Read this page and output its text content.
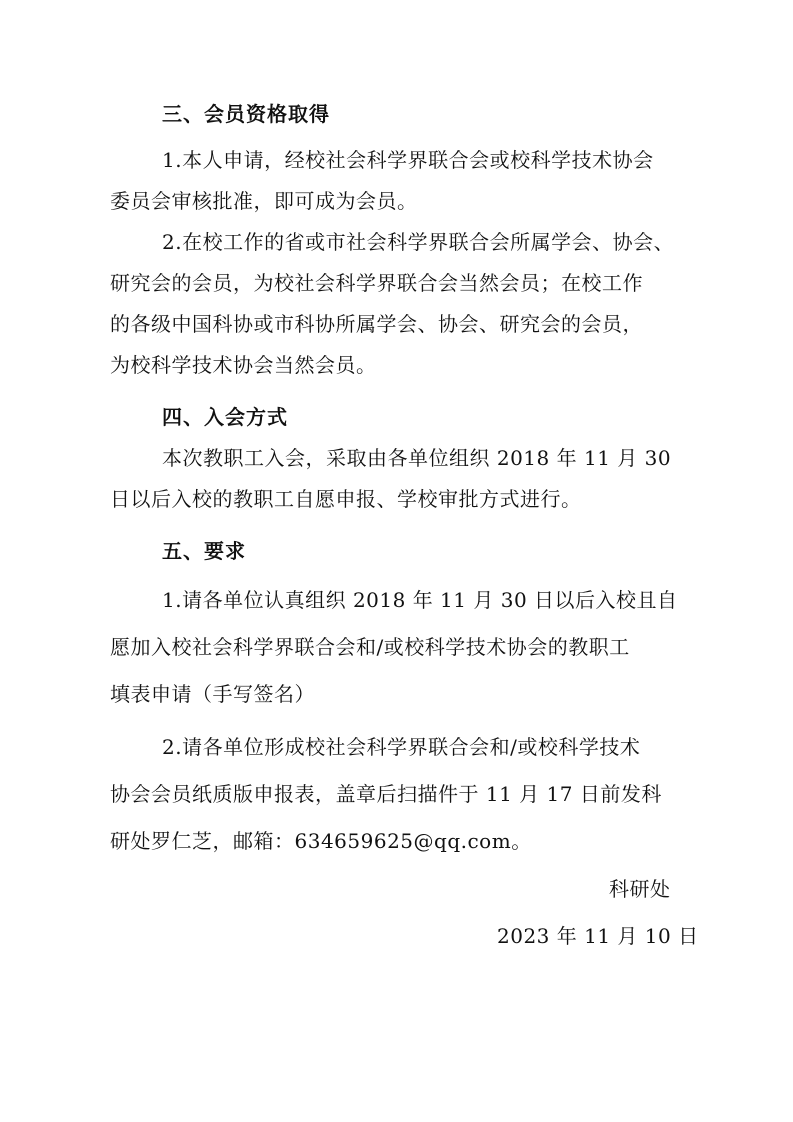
三、会员资格取得
1.本人申请，经校社会科学界联合会或校科学技术协会
委员会审核批准，即可成为会员。
2.在校工作的省或市社会科学界联合会所属学会、协会、
研究会的会员，为校社会科学界联合会当然会员；在校工作
的各级中国科协或市科协所属学会、协会、研究会的会员，
为校科学技术协会当然会员。
四、入会方式
本次教职工入会，采取由各单位组织 2018 年 11 月 30
日以后入校的教职工自愿申报、学校审批方式进行。
五、要求
1.请各单位认真组织 2018 年 11 月 30 日以后入校且自
愿加入校社会科学界联合会和/或校科学技术协会的教职工
填表申请（手写签名）
2.请各单位形成校社会科学界联合会和/或校科学技术
协会会员纸质版申报表，盖章后扫描件于 11 月 17 日前发科
研处罗仁芝，邮箱：634659625@qq.com。
科研处
2023 年 11 月 10 日
